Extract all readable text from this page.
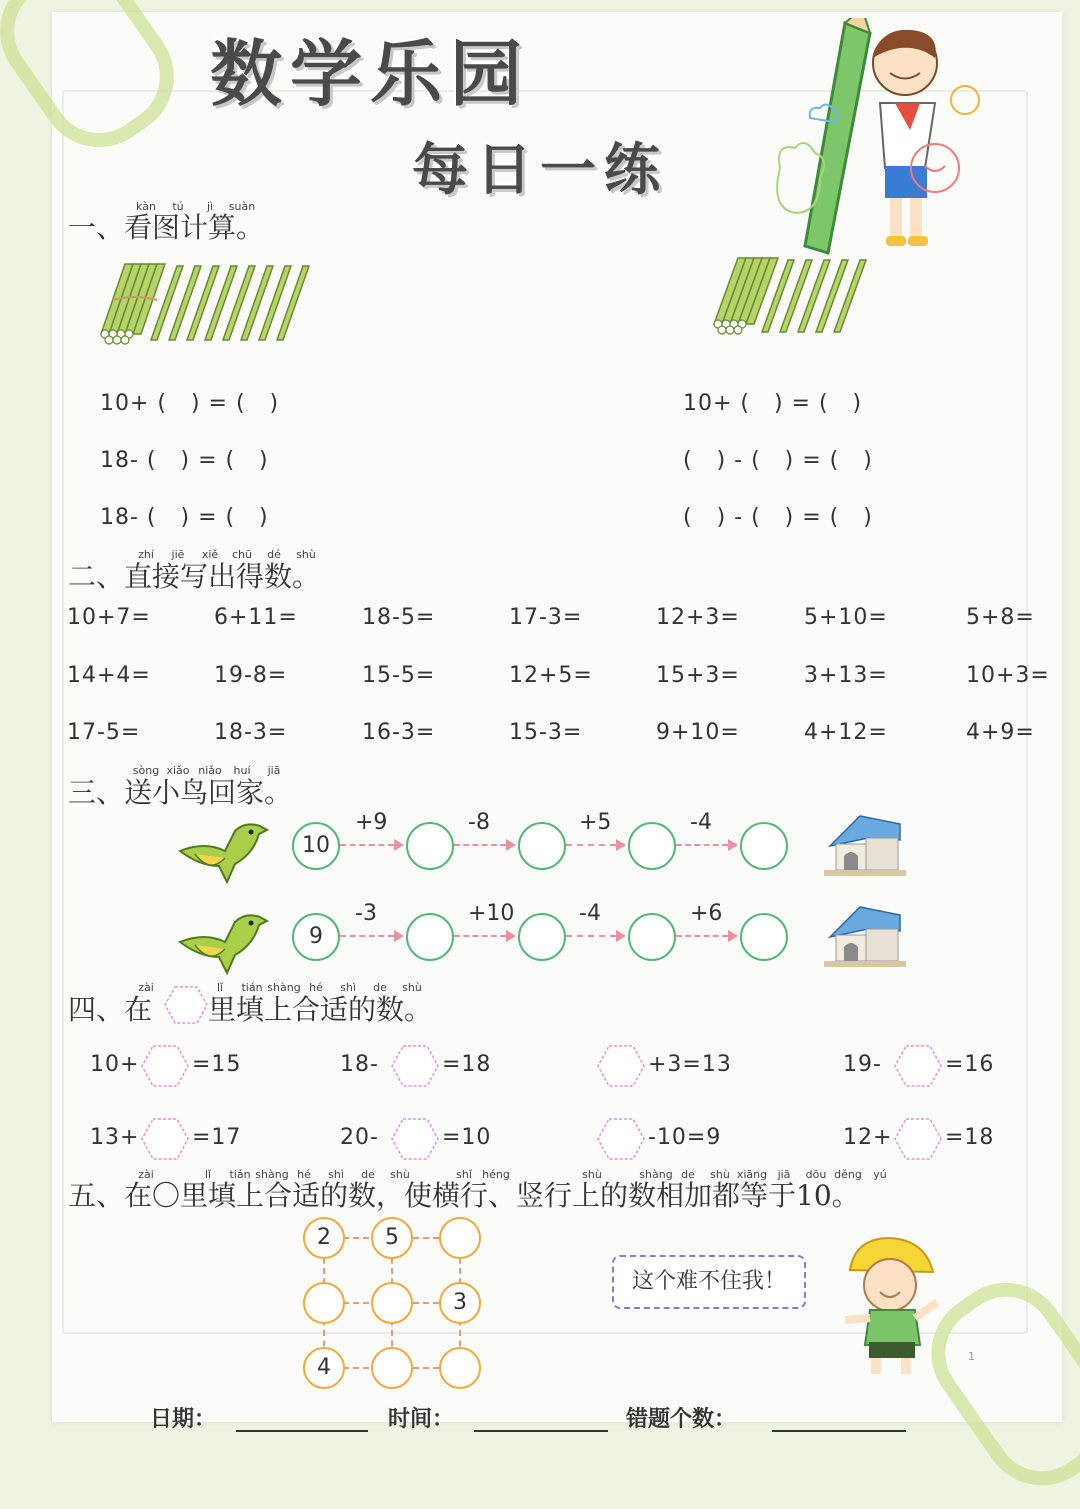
数学乐园
每日一练
kàn tú jì suàn
一、看图计算。
10+ (   ) = (   )
18- (   ) = (   )
18- (   ) = (   )
10+ (   ) = (   )
(   ) - (   ) = (   )
(   ) - (   ) = (   )
zhí jiē xiě chū dé shù
二、直接写出得数。
10+7=	6+11=	18-5=	17-3=	12+3=	5+10=	5+8=
14+4=	19-8=	15-5=	12+5=	15+3=	3+13=	10+3=
17-5=	18-3=	16-3=	15-3=	9+10=	4+12=	4+9=
sòng xiǎo niǎo huí jiā
三、送小鸟回家。
10
+9	-8	+5	-4
9
-3	+10	-4	+6
zài	lǐ tián shàng hé shì de shù
四、在 里填上合适的数。
10+ =15	18-	=18	+3=13	19-	=16
13+ =17	20-	=10	-10=9	12+ =18
zài	lǐ tián shàng hé shì de shù	shǐ héng	shù	shàng de shù xiāng jiā dōu děng yú
五、在〇里填上合适的数，使横行、竖行上的数相加都等于10。
2	5
3
4
这个难不住我！
1
日期：	时间：	错题个数：
